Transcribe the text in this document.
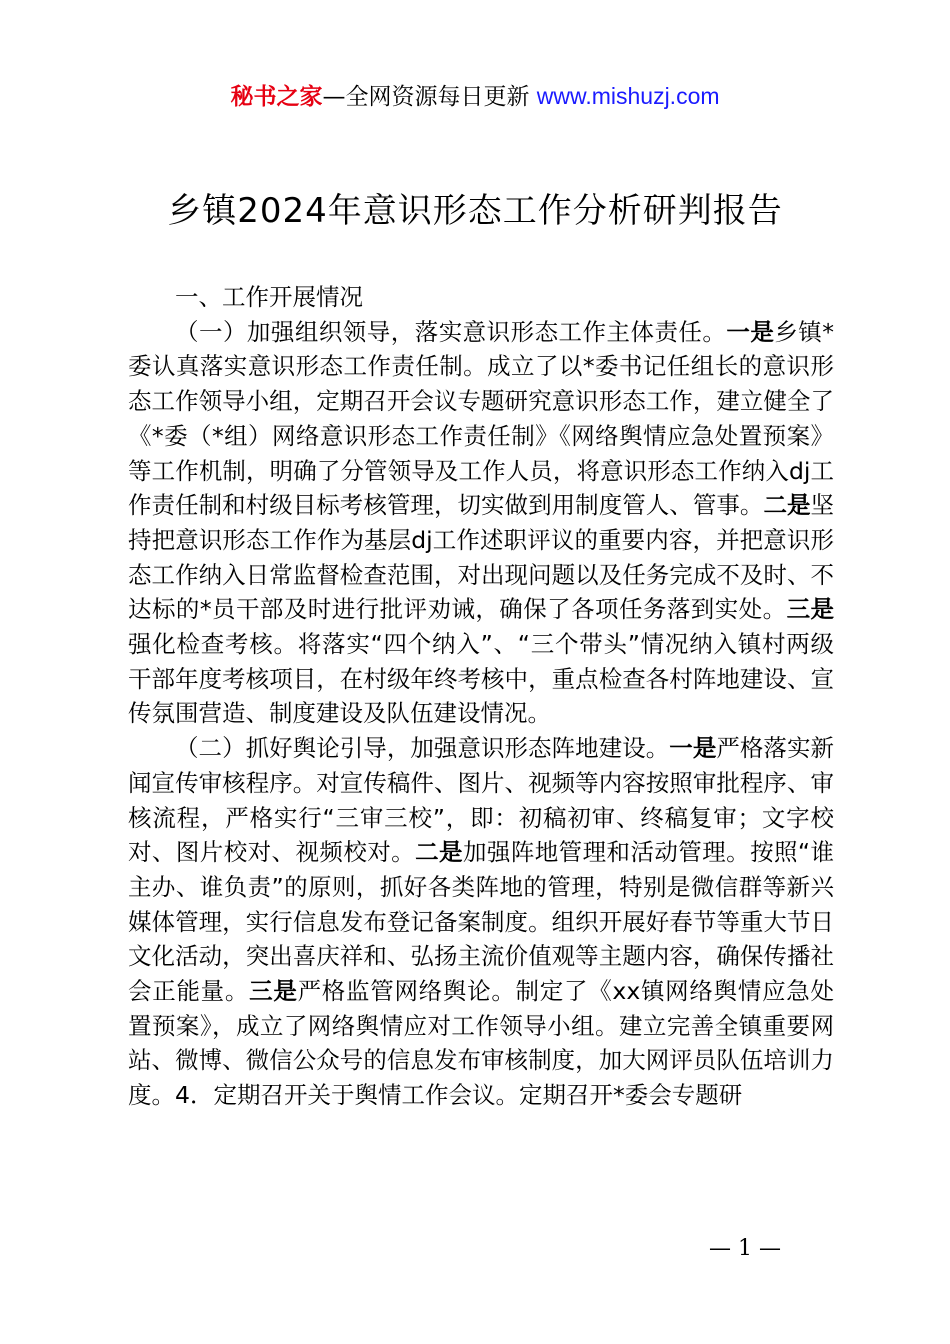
秘书之家—全网资源每日更新 www.mishuzj.com
乡镇2024年意识形态工作分析研判报告

一、工作开展情况

（一）加强组织领导，落实意识形态工作主体责任。一是乡镇*委认真落实意识形态工作责任制。成立了以*委书记任组长的意识形态工作领导小组，定期召开会议专题研究意识形态工作，建立健全了《*委（*组）网络意识形态工作责任制》《网络舆情应急处置预案》等工作机制，明确了分管领导及工作人员，将意识形态工作纳入dj工作责任制和村级目标考核管理，切实做到用制度管人、管事。二是坚持把意识形态工作作为基层dj工作述职评议的重要内容，并把意识形态工作纳入日常监督检查范围，对出现问题以及任务完成不及时、不达标的*员干部及时进行批评劝诫，确保了各项任务落到实处。三是强化检查考核。将落实“四个纳入”、“三个带头”情况纳入镇村两级干部年度考核项目，在村级年终考核中，重点检查各村阵地建设、宣传氛围营造、制度建设及队伍建设情况。

（二）抓好舆论引导，加强意识形态阵地建设。一是严格落实新闻宣传审核程序。对宣传稿件、图片、视频等内容按照审批程序、审核流程，严格实行“三审三校”，即：初稿初审、终稿复审；文字校对、图片校对、视频校对。二是加强阵地管理和活动管理。按照“谁主办、谁负责”的原则，抓好各类阵地的管理，特别是微信群等新兴媒体管理，实行信息发布登记备案制度。组织开展好春节等重大节日文化活动，突出喜庆祥和、弘扬主流价值观等主题内容，确保传播社会正能量。三是严格监管网络舆论。制定了《xx镇网络舆情应急处置预案》，成立了网络舆情应对工作领导小组。建立完善全镇重要网站、微博、微信公众号的信息发布审核制度，加大网评员队伍培训力度。4．定期召开关于舆情工作会议。定期召开*委会专题研

— 1 —
